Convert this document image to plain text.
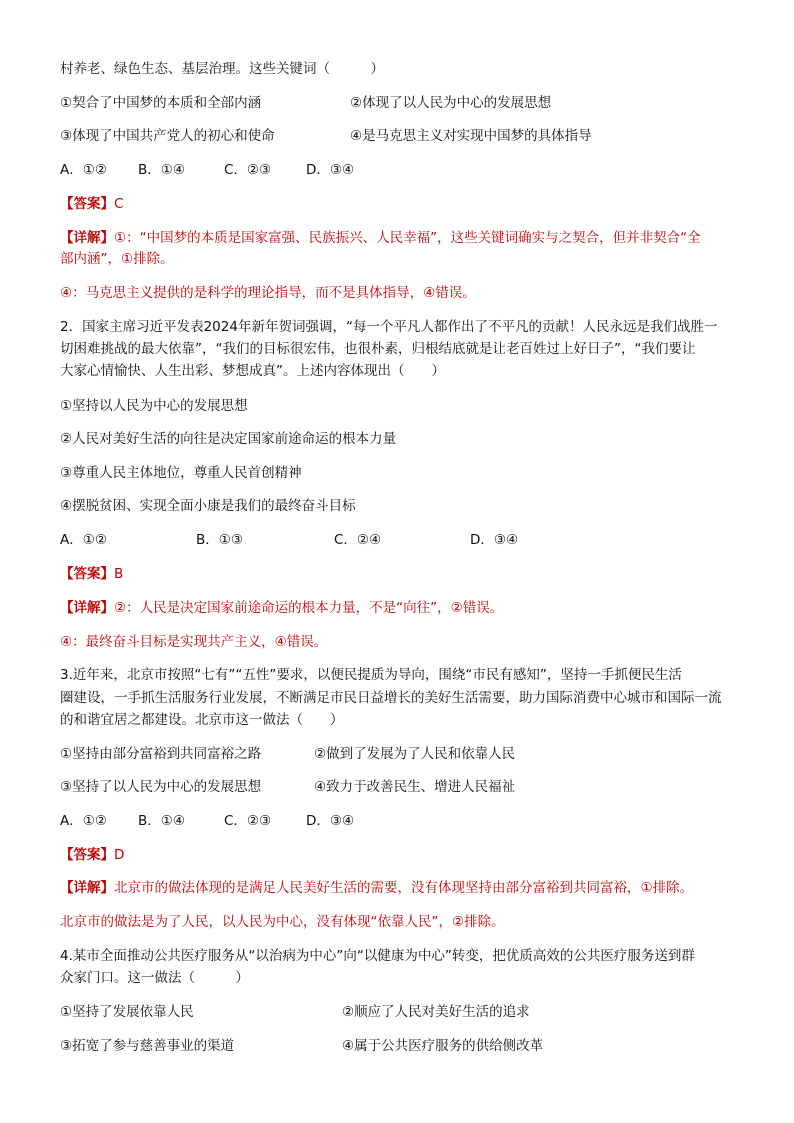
村养老、绿色生态、基层治理。这些关键词（　　　）
①契合了中国梦的本质和全部内涵	②体现了以人民为中心的发展思想
③体现了中国共产党人的初心和使命	④是马克思主义对实现中国梦的具体指导
A．①② B．①④	C．②③	D．③④
【答案】C
【详解】①：“中国梦的本质是国家富强、民族振兴、人民幸福”，这些关键词确实与之契合，但并非契合“全
部内涵”，①排除。
④：马克思主义提供的是科学的理论指导，而不是具体指导，④错误。
2．国家主席习近平发表2024年新年贺词强调，“每一个平凡人都作出了不平凡的贡献！人民永远是我们战胜一
切困难挑战的最大依靠”，“我们的目标很宏伟，也很朴素，归根结底就是让老百姓过上好日子”，“我们要让
大家心情愉快、人生出彩、梦想成真”。上述内容体现出（　　）
①坚持以人民为中心的发展思想
②人民对美好生活的向往是决定国家前途命运的根本力量
③尊重人民主体地位，尊重人民首创精神
④摆脱贫困、实现全面小康是我们的最终奋斗目标
A．①②	B．①③	C．②④	D．③④
【答案】B
【详解】②：人民是决定国家前途命运的根本力量，不是“向往”，②错误。
④：最终奋斗目标是实现共产主义，④错误。
3.近年来，北京市按照“七有”“五性”要求，以便民提质为导向，围绕“市民有感知”，坚持一手抓便民生活
圈建设，一手抓生活服务行业发展，不断满足市民日益增长的美好生活需要，助力国际消费中心城市和国际一流
的和谐宜居之都建设。北京市这一做法（　　）
①坚持由部分富裕到共同富裕之路	②做到了发展为了人民和依靠人民
③坚持了以人民为中心的发展思想	④致力于改善民生、增进人民福祉
A．①② B．①④	C．②③	D．③④
【答案】D
【详解】北京市的做法体现的是满足人民美好生活的需要，没有体现坚持由部分富裕到共同富裕，①排除。
北京市的做法是为了人民，以人民为中心，没有体现“依靠人民”，②排除。
4.某市全面推动公共医疗服务从“以治病为中心”向“以健康为中心”转变，把优质高效的公共医疗服务送到群
众家门口。这一做法（　　　）
①坚持了发展依靠人民	②顺应了人民对美好生活的追求
③拓宽了参与慈善事业的渠道	④属于公共医疗服务的供给侧改革
